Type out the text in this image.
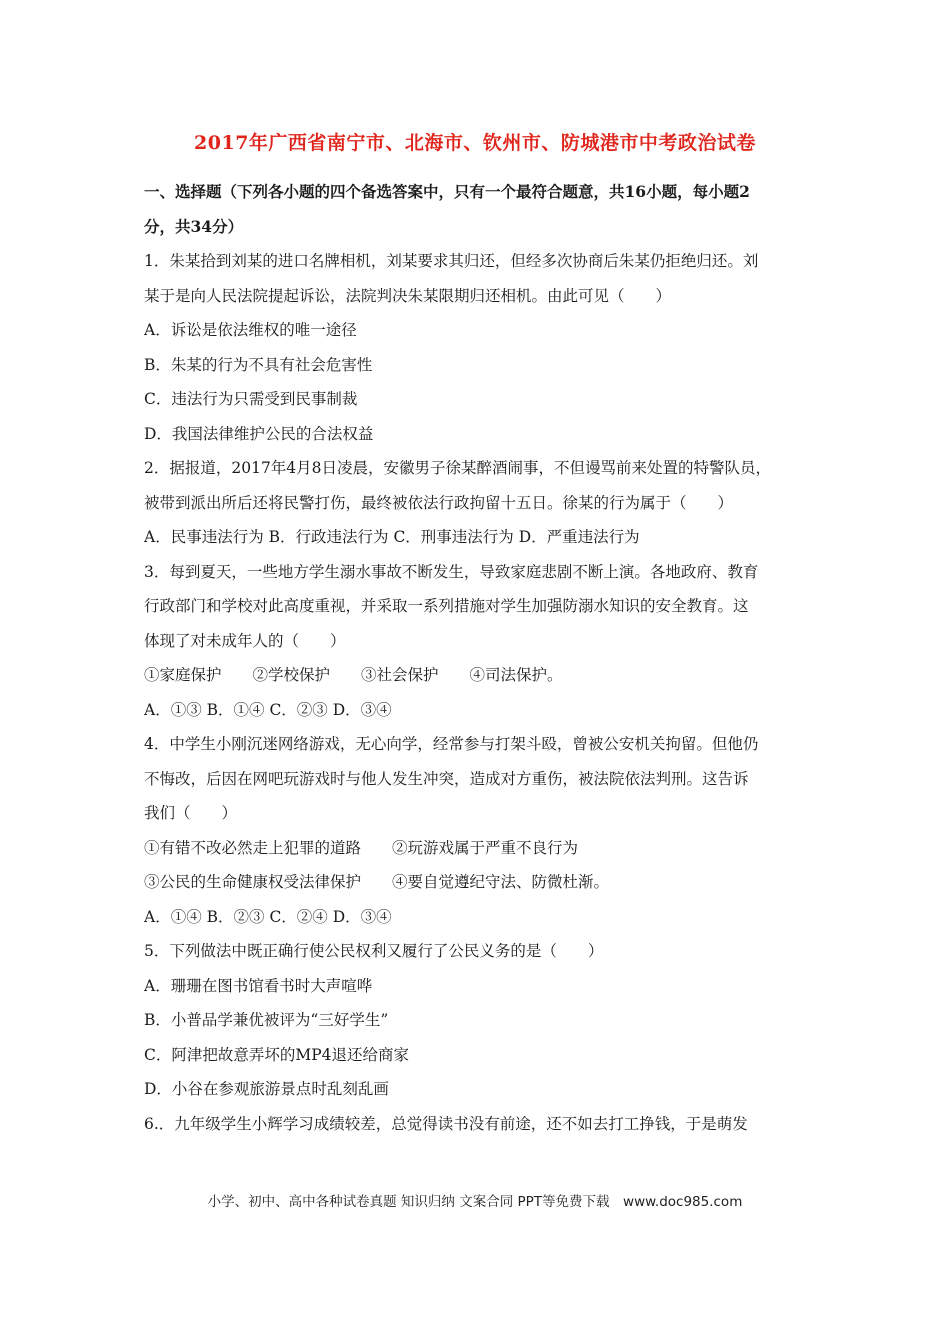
2017年广西省南宁市、北海市、钦州市、防城港市中考政治试卷
一、选择题（下列各小题的四个备选答案中，只有一个最符合题意，共16小题，每小题2
分，共34分）
1．朱某拾到刘某的进口名牌相机，刘某要求其归还，但经多次协商后朱某仍拒绝归还。刘
某于是向人民法院提起诉讼，法院判决朱某限期归还相机。由此可见（　　）
A．诉讼是依法维权的唯一途径
B．朱某的行为不具有社会危害性
C．违法行为只需受到民事制裁
D．我国法律维护公民的合法权益
2．据报道，2017年4月8日凌晨，安徽男子徐某醉酒闹事，不但谩骂前来处置的特警队员，
被带到派出所后还将民警打伤，最终被依法行政拘留十五日。徐某的行为属于（　　）
A．民事违法行为 B．行政违法行为 C．刑事违法行为 D．严重违法行为
3．每到夏天，一些地方学生溺水事故不断发生，导致家庭悲剧不断上演。各地政府、教育
行政部门和学校对此高度重视，并采取一系列措施对学生加强防溺水知识的安全教育。这
体现了对未成年人的（　　）
①家庭保护　　②学校保护　　③社会保护　　④司法保护。
A．①③ B．①④ C．②③ D．③④
4．中学生小刚沉迷网络游戏，无心向学，经常参与打架斗殴，曾被公安机关拘留。但他仍
不悔改，后因在网吧玩游戏时与他人发生冲突，造成对方重伤，被法院依法判刑。这告诉
我们（　　）
①有错不改必然走上犯罪的道路　　②玩游戏属于严重不良行为
③公民的生命健康权受法律保护　　④要自觉遵纪守法、防微杜渐。
A．①④ B．②③ C．②④ D．③④
5．下列做法中既正确行使公民权利又履行了公民义务的是（　　）
A．珊珊在图书馆看书时大声喧哗
B．小普品学兼优被评为“三好学生”
C．阿津把故意弄坏的MP4退还给商家
D．小谷在参观旅游景点时乱刻乱画
6.．九年级学生小辉学习成绩较差，总觉得读书没有前途，还不如去打工挣钱，于是萌发
小学、初中、高中各种试卷真题 知识归纳 文案合同 PPT等免费下载　www.doc985.com
